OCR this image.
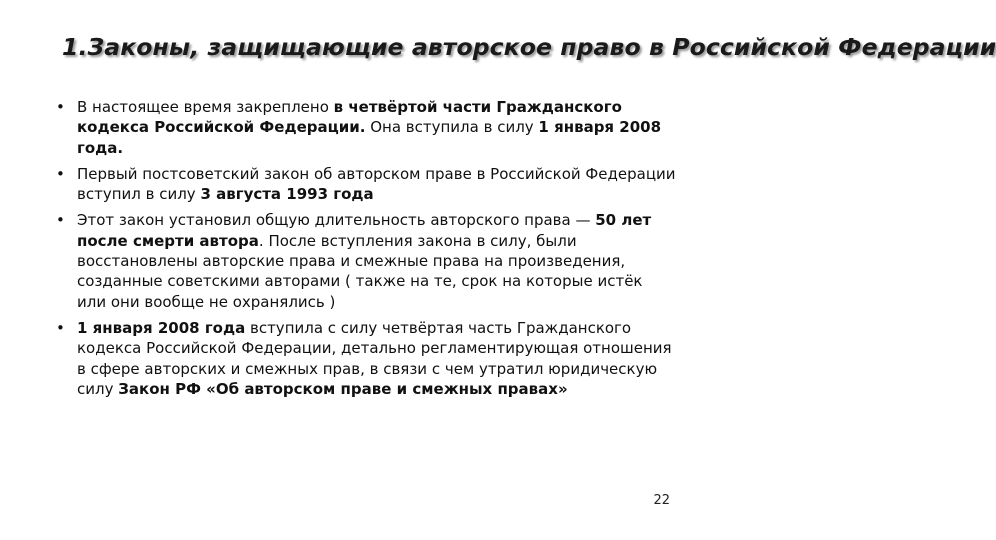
1.Законы, защищающие авторское право в Российской Федерации
• В настоящее время закреплено в четвёртой части Гражданского кодекса Российской Федерации. Она вступила в силу 1 января 2008 года.
• Первый постсоветский закон об авторском праве в Российской Федерации вступил в силу 3 августа 1993 года
• Этот закон установил общую длительность авторского права — 50 лет после смерти автора. После вступления закона в силу, были восстановлены авторские права и смежные права на произведения, созданные советскими авторами ( также на те, срок на которые истёк или они вообще не охранялись )
• 1 января 2008 года вступила с силу четвёртая часть Гражданского кодекса Российской Федерации, детально регламентирующая отношения в сфере авторских и смежных прав, в связи с чем утратил юридическую силу Закон РФ «Об авторском праве и смежных правах»
22
